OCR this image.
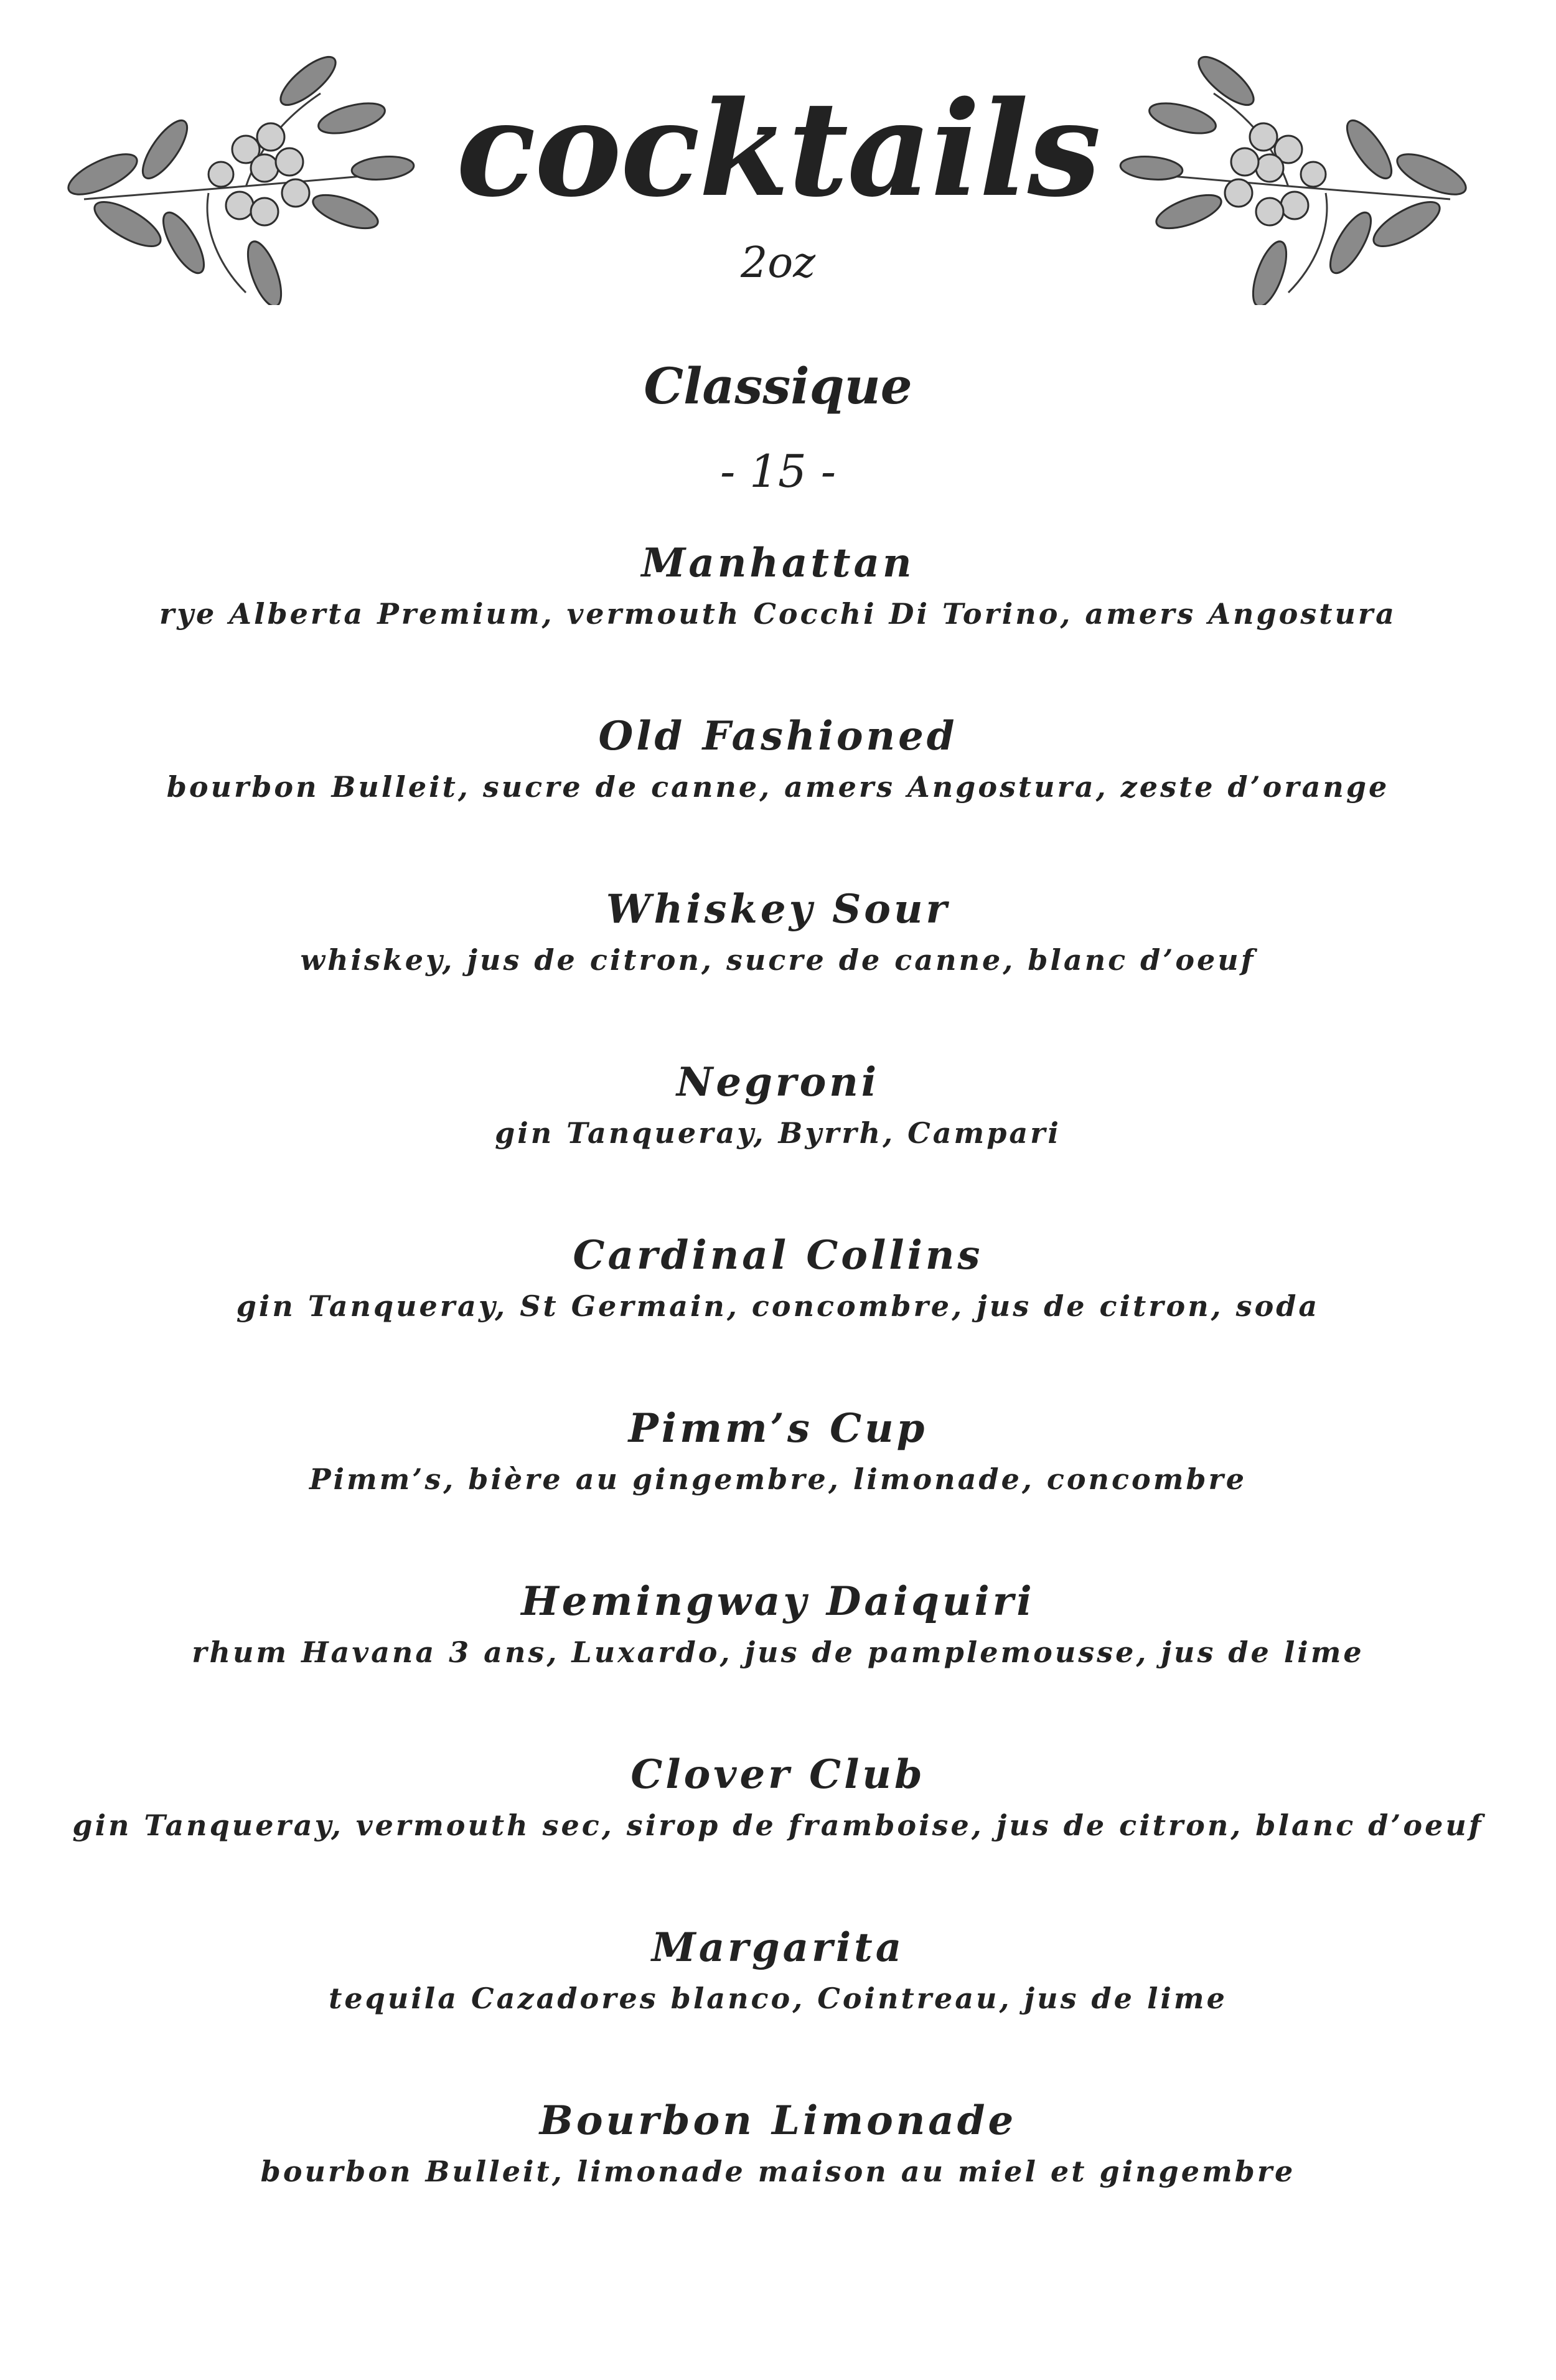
cocktails
2oz
Classique
- 15 -
Manhattan
rye Alberta Premium, vermouth Cocchi Di Torino, amers Angostura
Old Fashioned
bourbon Bulleit, sucre de canne, amers Angostura, zeste d’orange
Whiskey Sour
whiskey, jus de citron, sucre de canne, blanc d’oeuf
Negroni
gin Tanqueray, Byrrh, Campari
Cardinal Collins
gin Tanqueray, St Germain, concombre, jus de citron, soda
Pimm’s Cup
Pimm’s, bière au gingembre, limonade, concombre
Hemingway Daiquiri
rhum Havana 3 ans, Luxardo, jus de pamplemousse, jus de lime
Clover Club
gin Tanqueray, vermouth sec, sirop de framboise, jus de citron, blanc d’oeuf
Margarita
tequila Cazadores blanco, Cointreau, jus de lime
Bourbon Limonade
bourbon Bulleit, limonade maison au miel et gingembre
